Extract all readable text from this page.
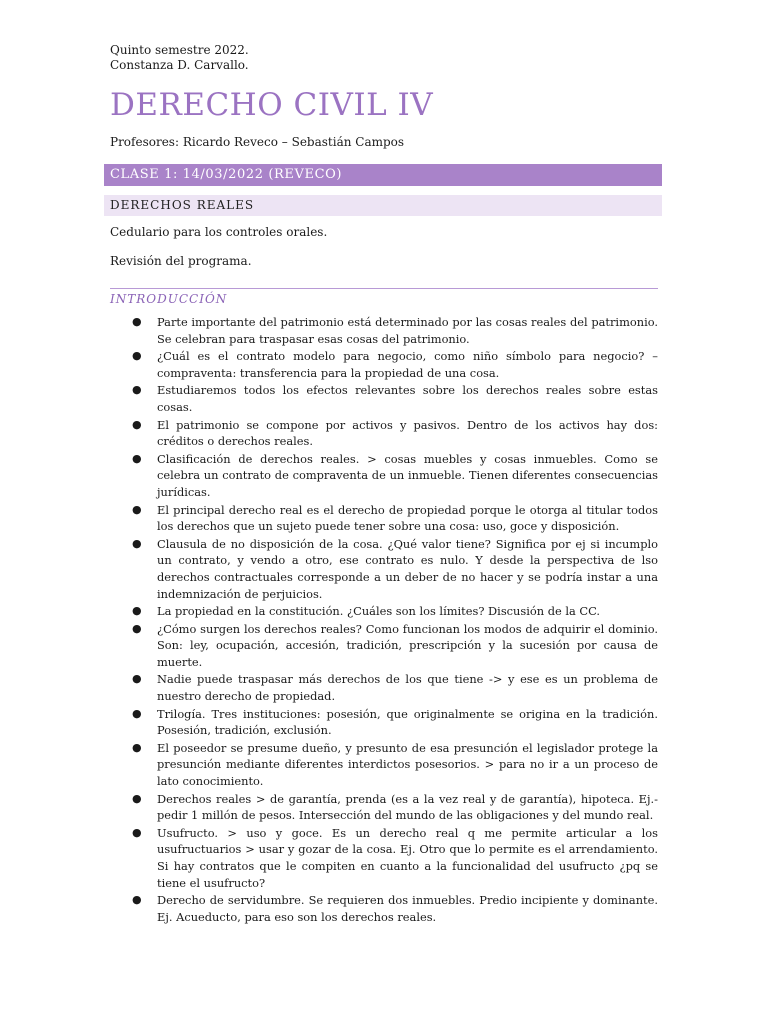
Quinto semestre 2022.
Constanza D. Carvallo.
DERECHO CIVIL IV
Profesores: Ricardo Reveco – Sebastián Campos
CLASE 1: 14/03/2022 (REVECO)
DERECHOS REALES
Cedulario para los controles orales.
Revisión del programa.
INTRODUCCIÓN
● Parte importante del patrimonio está determinado por las cosas reales del patrimonio. Se celebran para traspasar esas cosas del patrimonio.
● ¿Cuál es el contrato modelo para negocio, como niño símbolo para negocio? – compraventa: transferencia para la propiedad de una cosa.
● Estudiaremos todos los efectos relevantes sobre los derechos reales sobre estas cosas.
● El patrimonio se compone por activos y pasivos. Dentro de los activos hay dos: créditos o derechos reales.
● Clasificación de derechos reales. > cosas muebles y cosas inmuebles. Como se celebra un contrato de compraventa de un inmueble. Tienen diferentes consecuencias jurídicas.
● El principal derecho real es el derecho de propiedad porque le otorga al titular todos los derechos que un sujeto puede tener sobre una cosa: uso, goce y disposición.
● Clausula de no disposición de la cosa. ¿Qué valor tiene? Significa por ej si incumplo un contrato, y vendo a otro, ese contrato es nulo. Y desde la perspectiva de lso derechos contractuales corresponde a un deber de no hacer y se podría instar a una indemnización de perjuicios.
● La propiedad en la constitución. ¿Cuáles son los límites? Discusión de la CC.
● ¿Cómo surgen los derechos reales? Como funcionan los modos de adquirir el dominio. Son: ley, ocupación, accesión, tradición, prescripción y la sucesión por causa de muerte.
● Nadie puede traspasar más derechos de los que tiene -> y ese es un problema de nuestro derecho de propiedad.
● Trilogía. Tres instituciones: posesión, que originalmente se origina en la tradición. Posesión, tradición, exclusión.
● El poseedor se presume dueño, y presunto de esa presunción el legislador protege la presunción mediante diferentes interdictos posesorios. > para no ir a un proceso de lato conocimiento.
● Derechos reales > de garantía, prenda (es a la vez real y de garantía), hipoteca. Ej.- pedir 1 millón de pesos. Intersección del mundo de las obligaciones y del mundo real.
● Usufructo. > uso y goce. Es un derecho real q me permite articular a los usufructuarios > usar y gozar de la cosa. Ej. Otro que lo permite es el arrendamiento. Si hay contratos que le compiten en cuanto a la funcionalidad del usufructo ¿pq se tiene el usufructo?
● Derecho de servidumbre. Se requieren dos inmuebles. Predio incipiente y dominante. Ej. Acueducto, para eso son los derechos reales.
